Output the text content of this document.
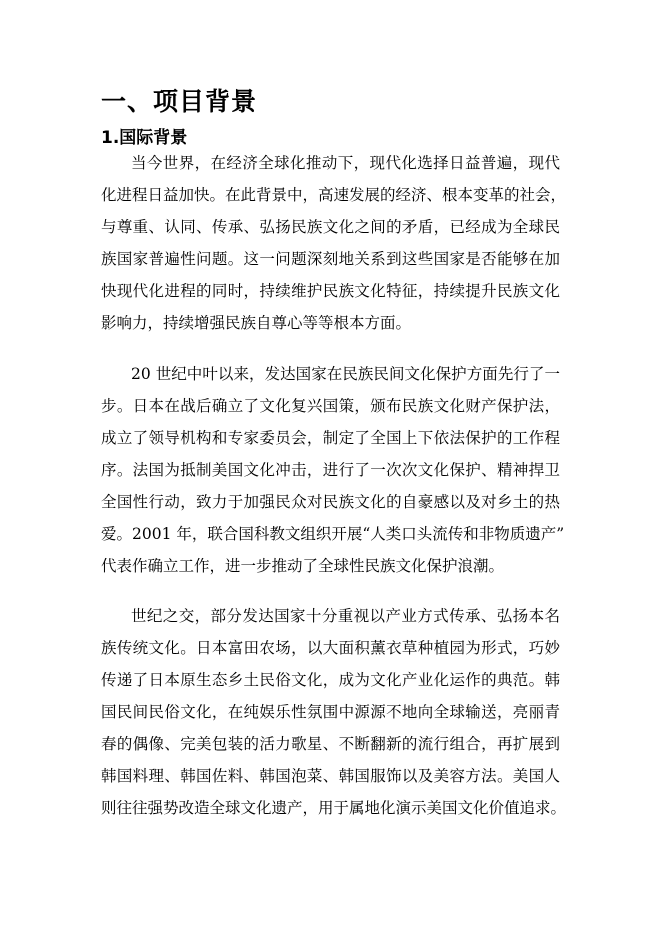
一、项目背景
1.国际背景
当今世界，在经济全球化推动下，现代化选择日益普遍，现代
化进程日益加快。在此背景中，高速发展的经济、根本变革的社会，
与尊重、认同、传承、弘扬民族文化之间的矛盾，已经成为全球民
族国家普遍性问题。这一问题深刻地关系到这些国家是否能够在加
快现代化进程的同时，持续维护民族文化特征，持续提升民族文化
影响力，持续增强民族自尊心等等根本方面。
20 世纪中叶以来，发达国家在民族民间文化保护方面先行了一
步。日本在战后确立了文化复兴国策，颁布民族文化财产保护法，
成立了领导机构和专家委员会，制定了全国上下依法保护的工作程
序。法国为抵制美国文化冲击，进行了一次次文化保护、精神捍卫
全国性行动，致力于加强民众对民族文化的自豪感以及对乡土的热
爱。2001 年，联合国科教文组织开展“人类口头流传和非物质遗产”
代表作确立工作，进一步推动了全球性民族文化保护浪潮。
世纪之交，部分发达国家十分重视以产业方式传承、弘扬本名
族传统文化。日本富田农场，以大面积薰衣草种植园为形式，巧妙
传递了日本原生态乡土民俗文化，成为文化产业化运作的典范。韩
国民间民俗文化，在纯娱乐性氛围中源源不地向全球输送，亮丽青
春的偶像、完美包装的活力歌星、不断翻新的流行组合，再扩展到
韩国料理、韩国佐料、韩国泡菜、韩国服饰以及美容方法。美国人
则往往强势改造全球文化遗产，用于属地化演示美国文化价值追求。
